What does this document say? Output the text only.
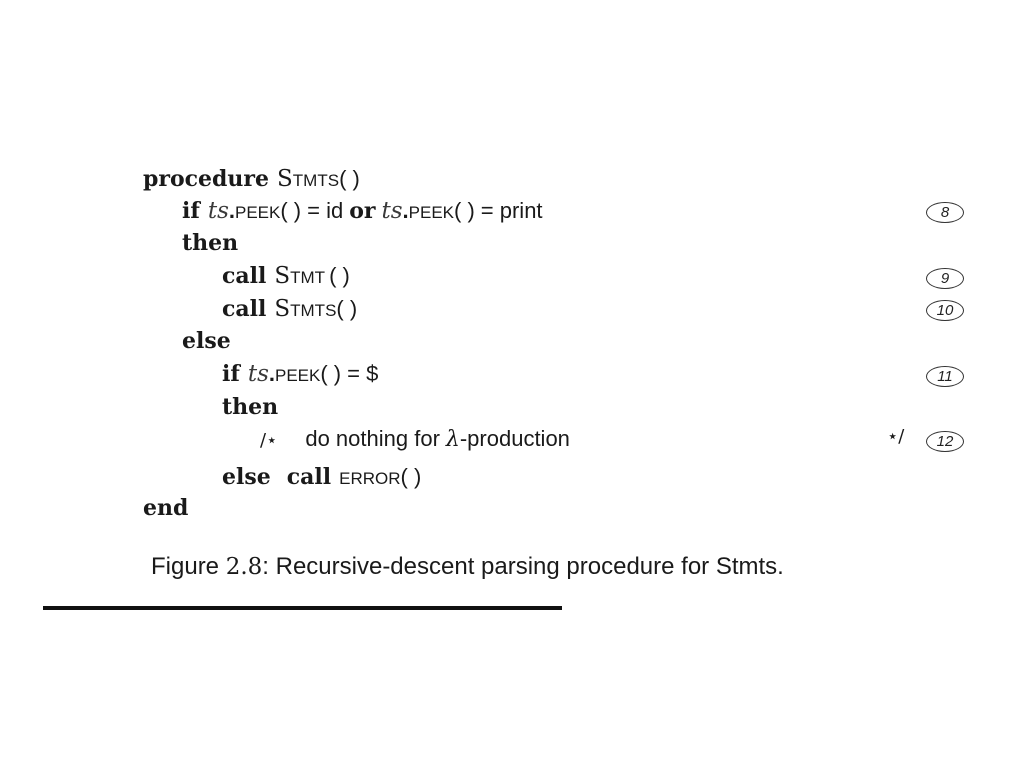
procedure S TMTS ( )
if ts . PEEK ( ) = id or ts . PEEK ( ) = print	8
then
call S TMT ( )	9
call S TMTS ( )	10
else
if ts . PEEK ( ) = $	11
then
/⋆ do nothing for λ -production	⋆/	12
else call ERROR ( )
end
Figure 2.8: Recursive-descent parsing procedure for Stmts.
